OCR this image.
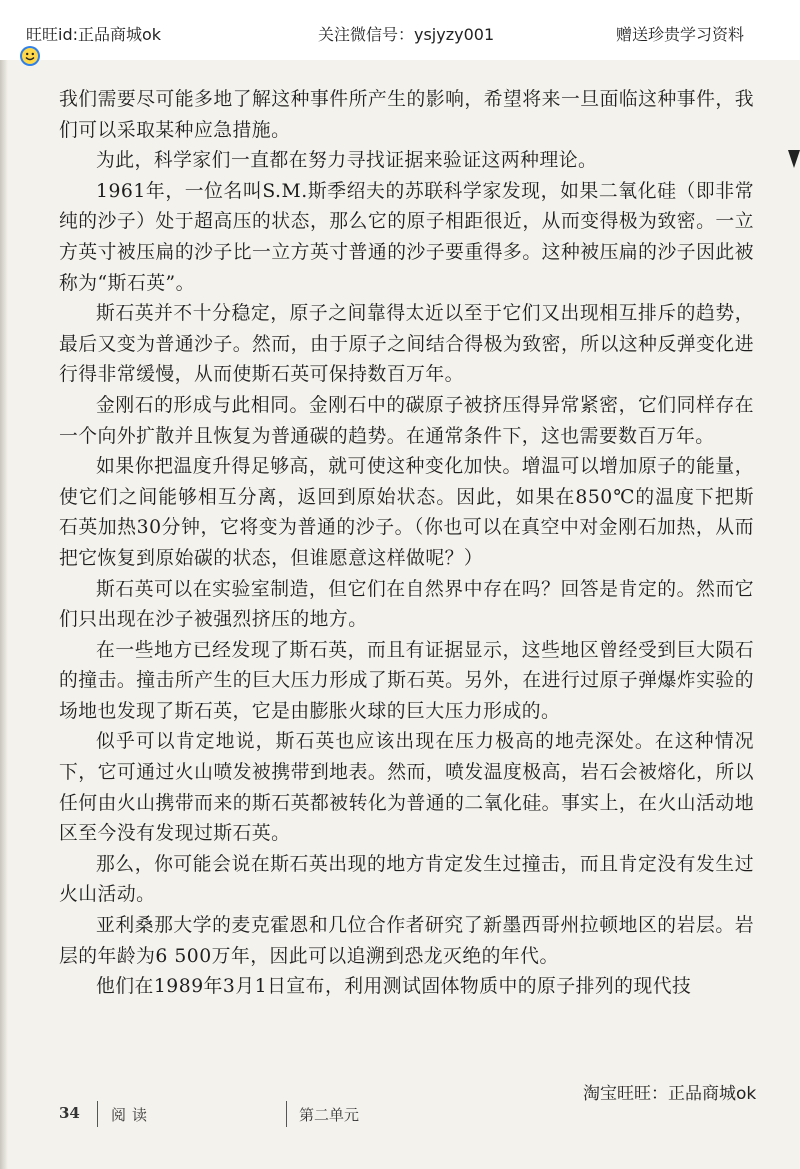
旺旺id:正品商城ok	关注微信号：ysjyzy001	赠送珍贵学习资料

我们需要尽可能多地了解这种事件所产生的影响，希望将来一旦面临这种事件，我们可以采取某种应急措施。

为此，科学家们一直都在努力寻找证据来验证这两种理论。

1961年，一位名叫S.M.斯季绍夫的苏联科学家发现，如果二氧化硅（即非常纯的沙子）处于超高压的状态，那么它的原子相距很近，从而变得极为致密。一立方英寸被压扁的沙子比一立方英寸普通的沙子要重得多。这种被压扁的沙子因此被称为“斯石英”。

斯石英并不十分稳定，原子之间靠得太近以至于它们又出现相互排斥的趋势，最后又变为普通沙子。然而，由于原子之间结合得极为致密，所以这种反弹变化进行得非常缓慢，从而使斯石英可保持数百万年。

金刚石的形成与此相同。金刚石中的碳原子被挤压得异常紧密，它们同样存在一个向外扩散并且恢复为普通碳的趋势。在通常条件下，这也需要数百万年。

如果你把温度升得足够高，就可使这种变化加快。增温可以增加原子的能量，使它们之间能够相互分离，返回到原始状态。因此，如果在850℃的温度下把斯石英加热30分钟，它将变为普通的沙子。（你也可以在真空中对金刚石加热，从而把它恢复到原始碳的状态，但谁愿意这样做呢？）

斯石英可以在实验室制造，但它们在自然界中存在吗？回答是肯定的。然而它们只出现在沙子被强烈挤压的地方。

在一些地方已经发现了斯石英，而且有证据显示，这些地区曾经受到巨大陨石的撞击。撞击所产生的巨大压力形成了斯石英。另外，在进行过原子弹爆炸实验的场地也发现了斯石英，它是由膨胀火球的巨大压力形成的。

似乎可以肯定地说，斯石英也应该出现在压力极高的地壳深处。在这种情况下，它可通过火山喷发被携带到地表。然而，喷发温度极高，岩石会被熔化，所以任何由火山携带而来的斯石英都被转化为普通的二氧化硅。事实上，在火山活动地区至今没有发现过斯石英。

那么，你可能会说在斯石英出现的地方肯定发生过撞击，而且肯定没有发生过火山活动。

亚利桑那大学的麦克霍恩和几位合作者研究了新墨西哥州拉顿地区的岩层。岩层的年龄为6 500万年，因此可以追溯到恐龙灭绝的年代。

他们在1989年3月1日宣布，利用测试固体物质中的原子排列的现代技

淘宝旺旺：正品商城ok
34 阅读	第二单元
